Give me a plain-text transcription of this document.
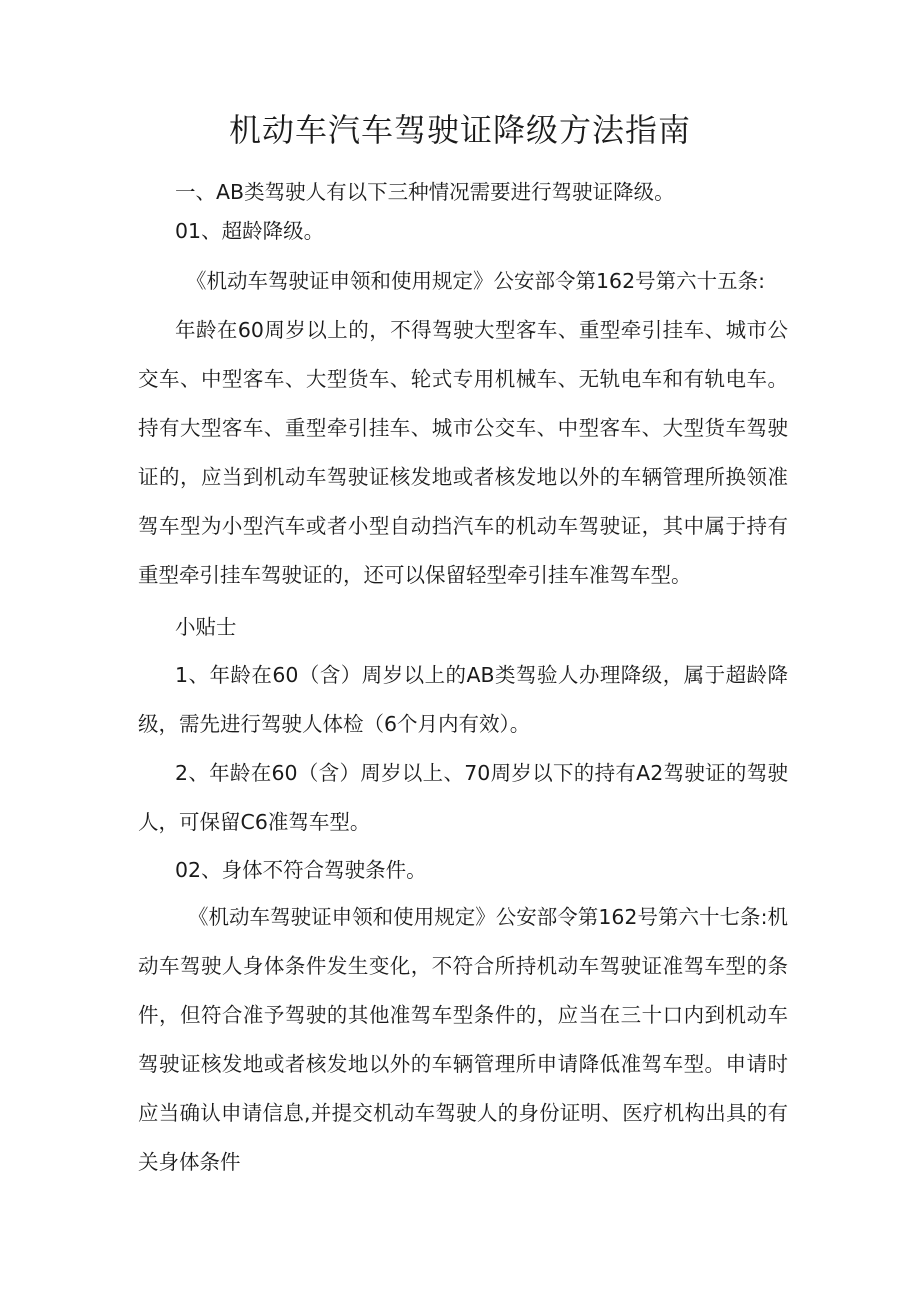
机动车汽车驾驶证降级方法指南

一、AB类驾驶人有以下三种情况需要进行驾驶证降级。

01、超龄降级。

《机动车驾驶证申领和使用规定》公安部令第162号第六十五条:

年龄在60周岁以上的，不得驾驶大型客车、重型牵引挂车、城市公交车、中型客车、大型货车、轮式专用机械车、无轨电车和有轨电车。持有大型客车、重型牵引挂车、城市公交车、中型客车、大型货车驾驶证的，应当到机动车驾驶证核发地或者核发地以外的车辆管理所换领准驾车型为小型汽车或者小型自动挡汽车的机动车驾驶证，其中属于持有重型牵引挂车驾驶证的，还可以保留轻型牵引挂车准驾车型。

小贴士

1、年龄在60（含）周岁以上的AB类驾验人办理降级，属于超龄降级，需先进行驾驶人体检（6个月内有效）。

2、年龄在60（含）周岁以上、70周岁以下的持有A2驾驶证的驾驶人，可保留C6准驾车型。

02、身体不符合驾驶条件。

《机动车驾驶证申领和使用规定》公安部令第162号第六十七条:机动车驾驶人身体条件发生变化，不符合所持机动车驾驶证准驾车型的条件，但符合准予驾驶的其他准驾车型条件的，应当在三十口内到机动车驾驶证核发地或者核发地以外的车辆管理所申请降低准驾车型。申请时应当确认申请信息,并提交机动车驾驶人的身份证明、医疗机构出具的有关身体条件
